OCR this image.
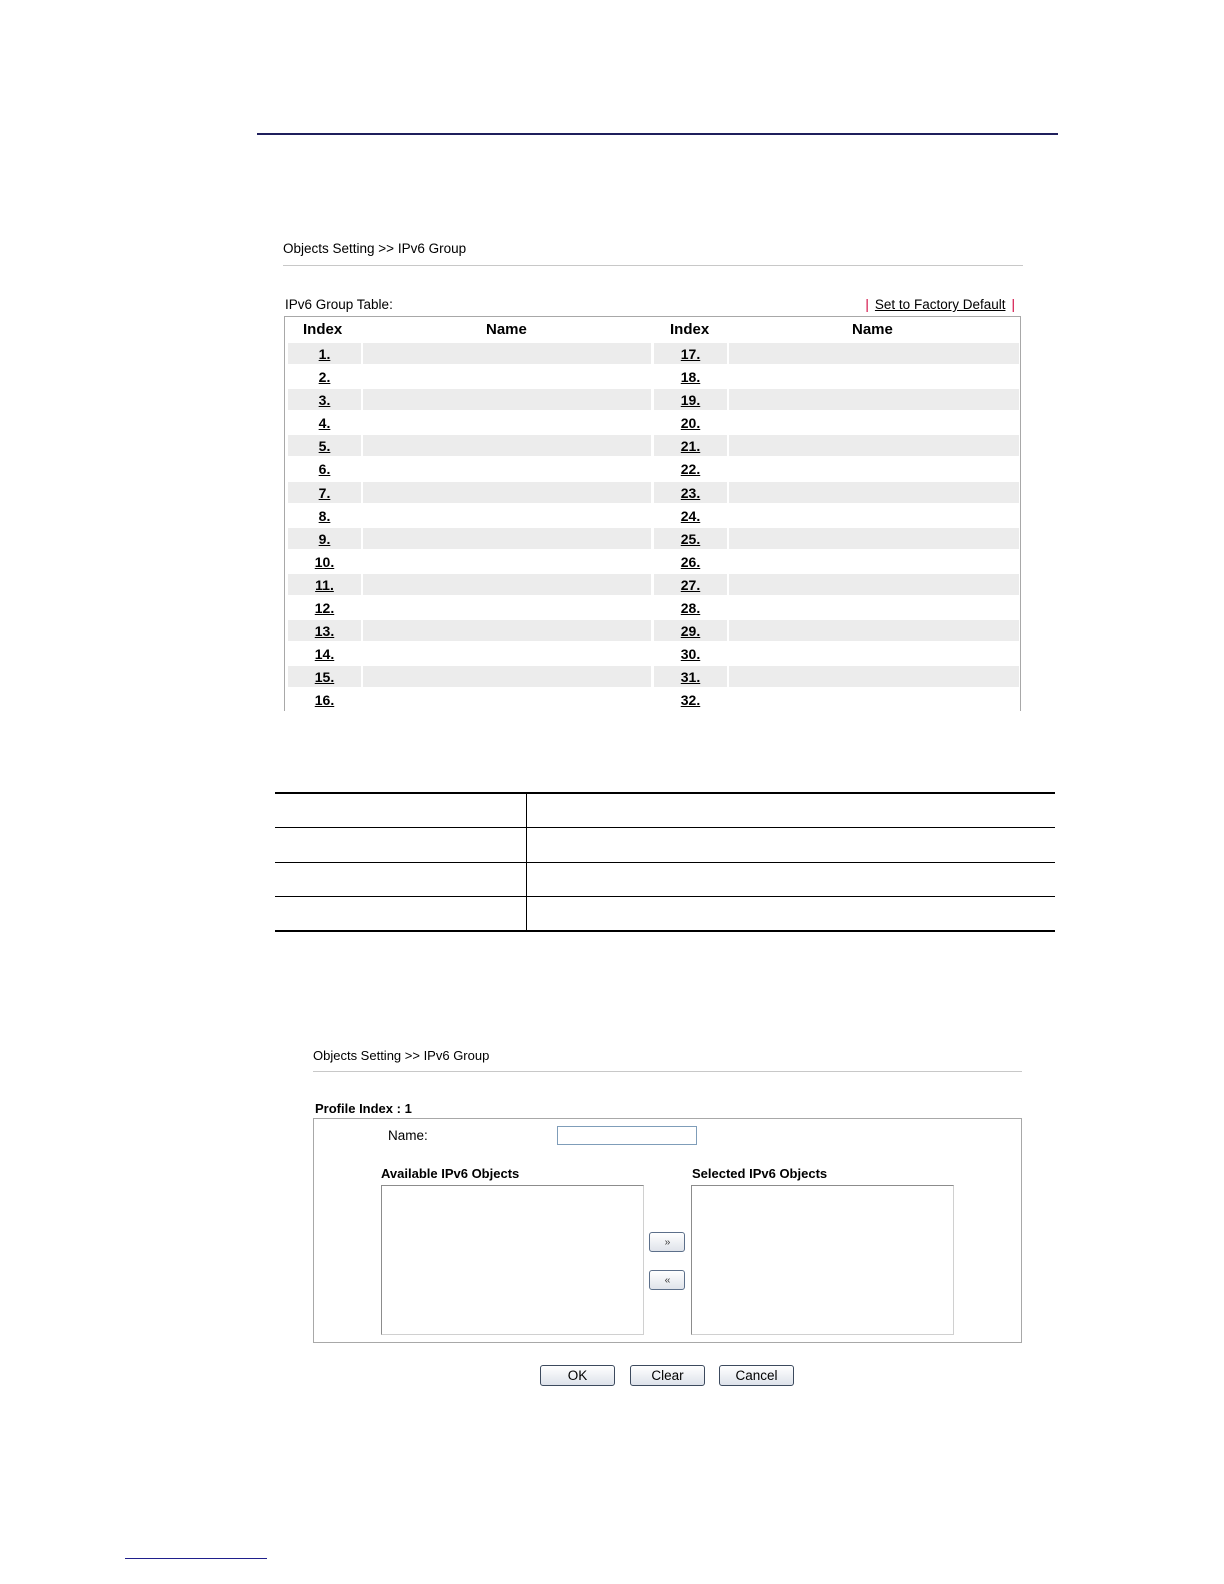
Objects Setting >> IPv6 Group
IPv6 Group Table:	| Set to Factory Default |
Index	Name	Index	Name
1.	17.
2.	18.
3.	19.
4.	20.
5.	21.
6.	22.
7.	23.
8.	24.
9.	25.
10.	26.
11.	27.
12.	28.
13.	29.
14.	30.
15.	31.
16.	32.
Objects Setting >> IPv6 Group
Profile Index : 1
Name:
Available IPv6 Objects	Selected IPv6 Objects
››
‹‹
OK	Clear	Cancel
